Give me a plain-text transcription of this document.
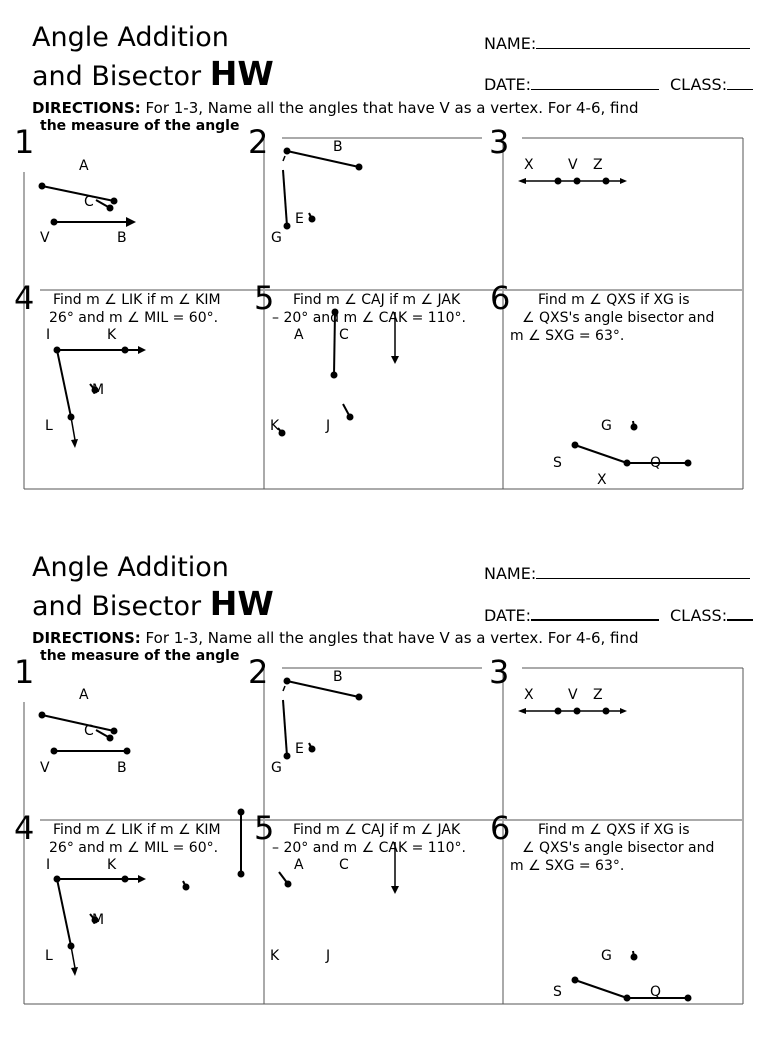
Angle Addition
and Bisector HW
NAME:
DATE:	CLASS:
DIRECTIONS: For 1-3, Name all the angles that have V as a vertex. For 4-6, find
the measure of the angle
1	2	3
4	5	6
Find m ∠ LIK if m ∠ KIM
26° and m ∠ MIL = 60°.
Find m ∠ CAJ if m ∠ JAK
– 20° and m ∠ CAK = 110°.
Find m ∠ QXS if XG is
∠ QXS's angle bisector and
m ∠ SXG = 63°.
A
C
V	B
B
E
G
X V Z
I	K
M
L
A	C
K	J	G
S	Q
X
Angle Addition
and Bisector HW
NAME:
DATE:	CLASS:
DIRECTIONS: For 1-3, Name all the angles that have V as a vertex. For 4-6, find
the measure of the angle
1	2	3
4	5	6
Find m ∠ LIK if m ∠ KIM
26° and m ∠ MIL = 60°.
Find m ∠ CAJ if m ∠ JAK
– 20° and m ∠ CAK = 110°.
Find m ∠ QXS if XG is
∠ QXS's angle bisector and
m ∠ SXG = 63°.
A
C
V	B
B
E
G
X V Z
I	K
M
L
A	C
K	J	G
S	Q
